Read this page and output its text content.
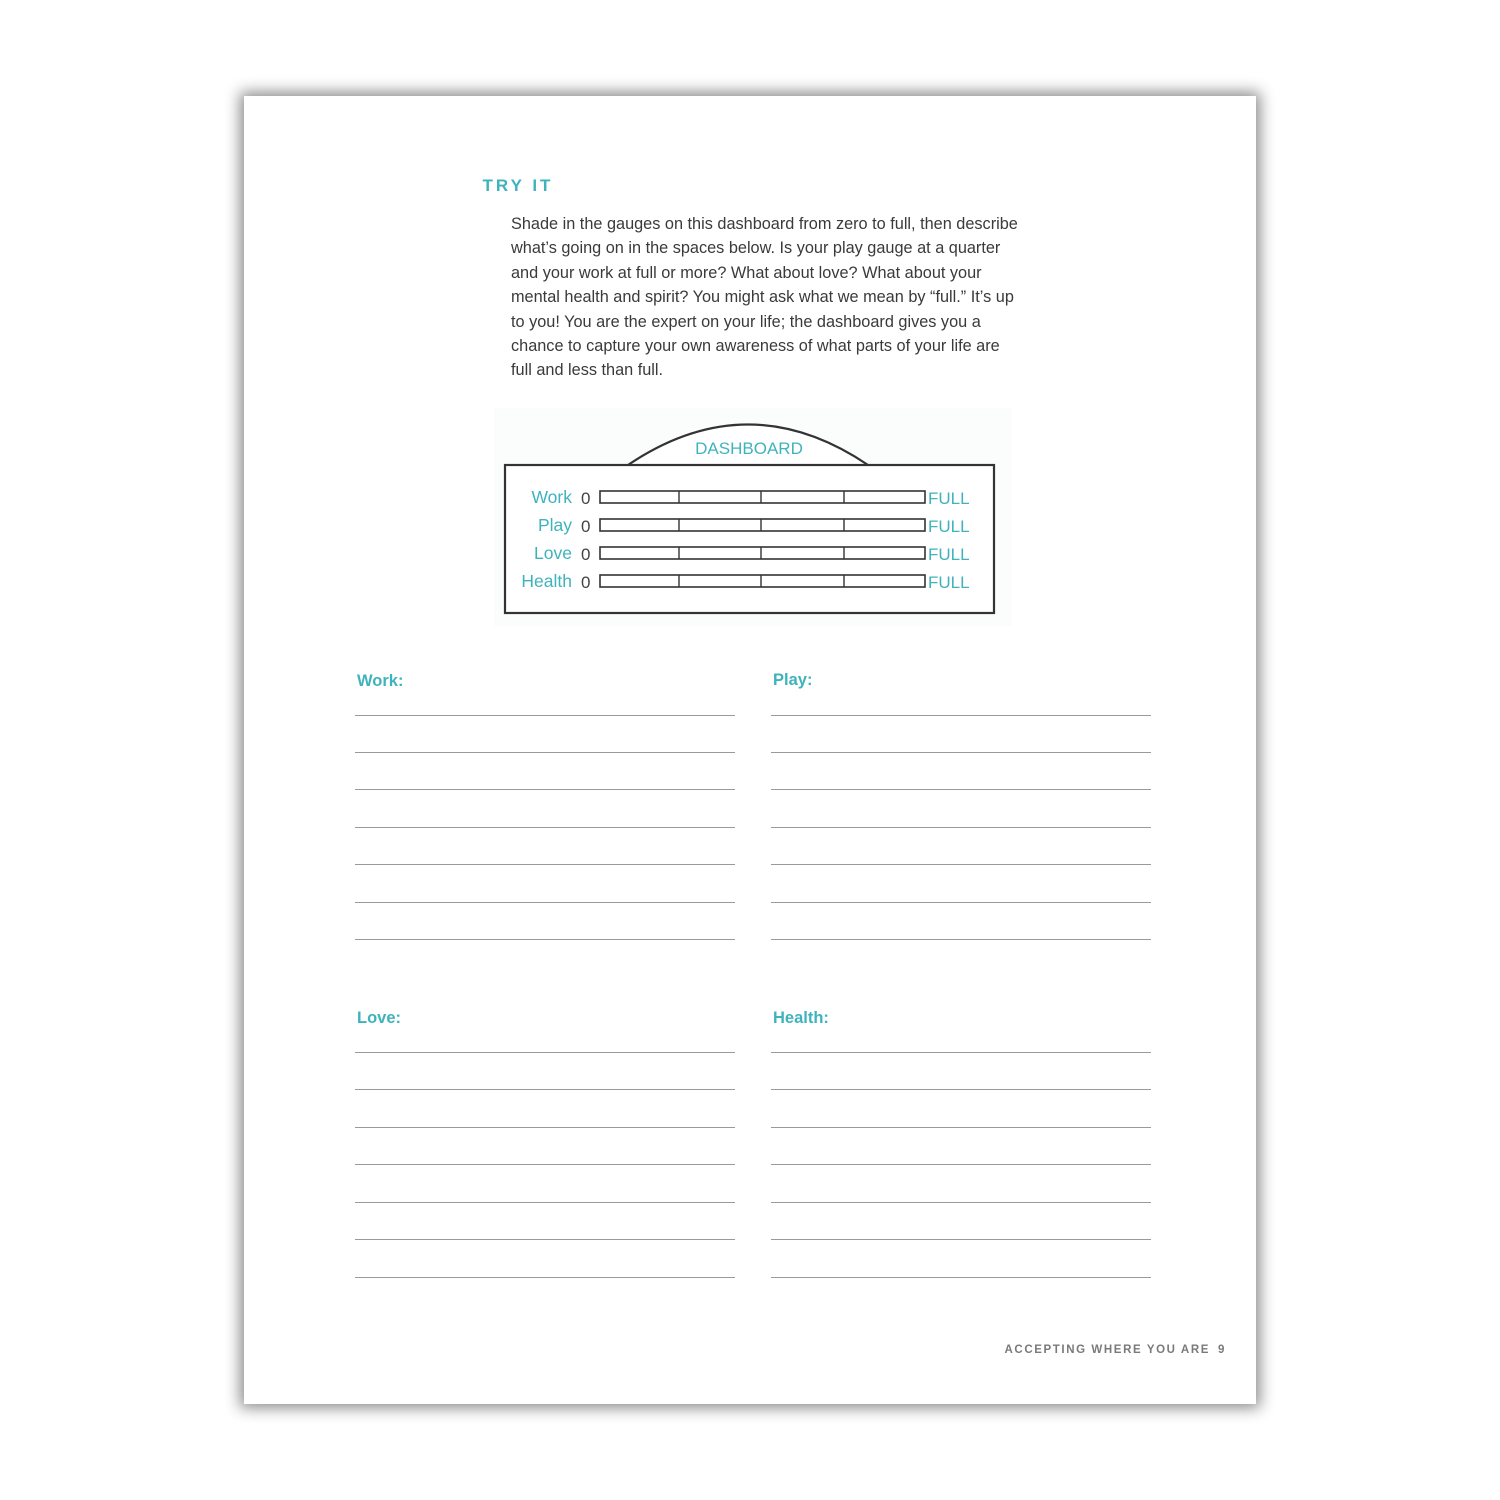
TRY IT

Shade in the gauges on this dashboard from zero to full, then describe what’s going on in the spaces below. Is your play gauge at a quarter and your work at full or more? What about love? What about your mental health and spirit? You might ask what we mean by “full.” It’s up to you! You are the expert on your life; the dashboard gives you a chance to capture your own awareness of what parts of your life are full and less than full.

DASHBOARD
Work 0	FULL
Play 0	FULL
Love 0	FULL
Health 0	FULL

Work:	Play:

Love:	Health:

ACCEPTING WHERE YOU ARE 9
